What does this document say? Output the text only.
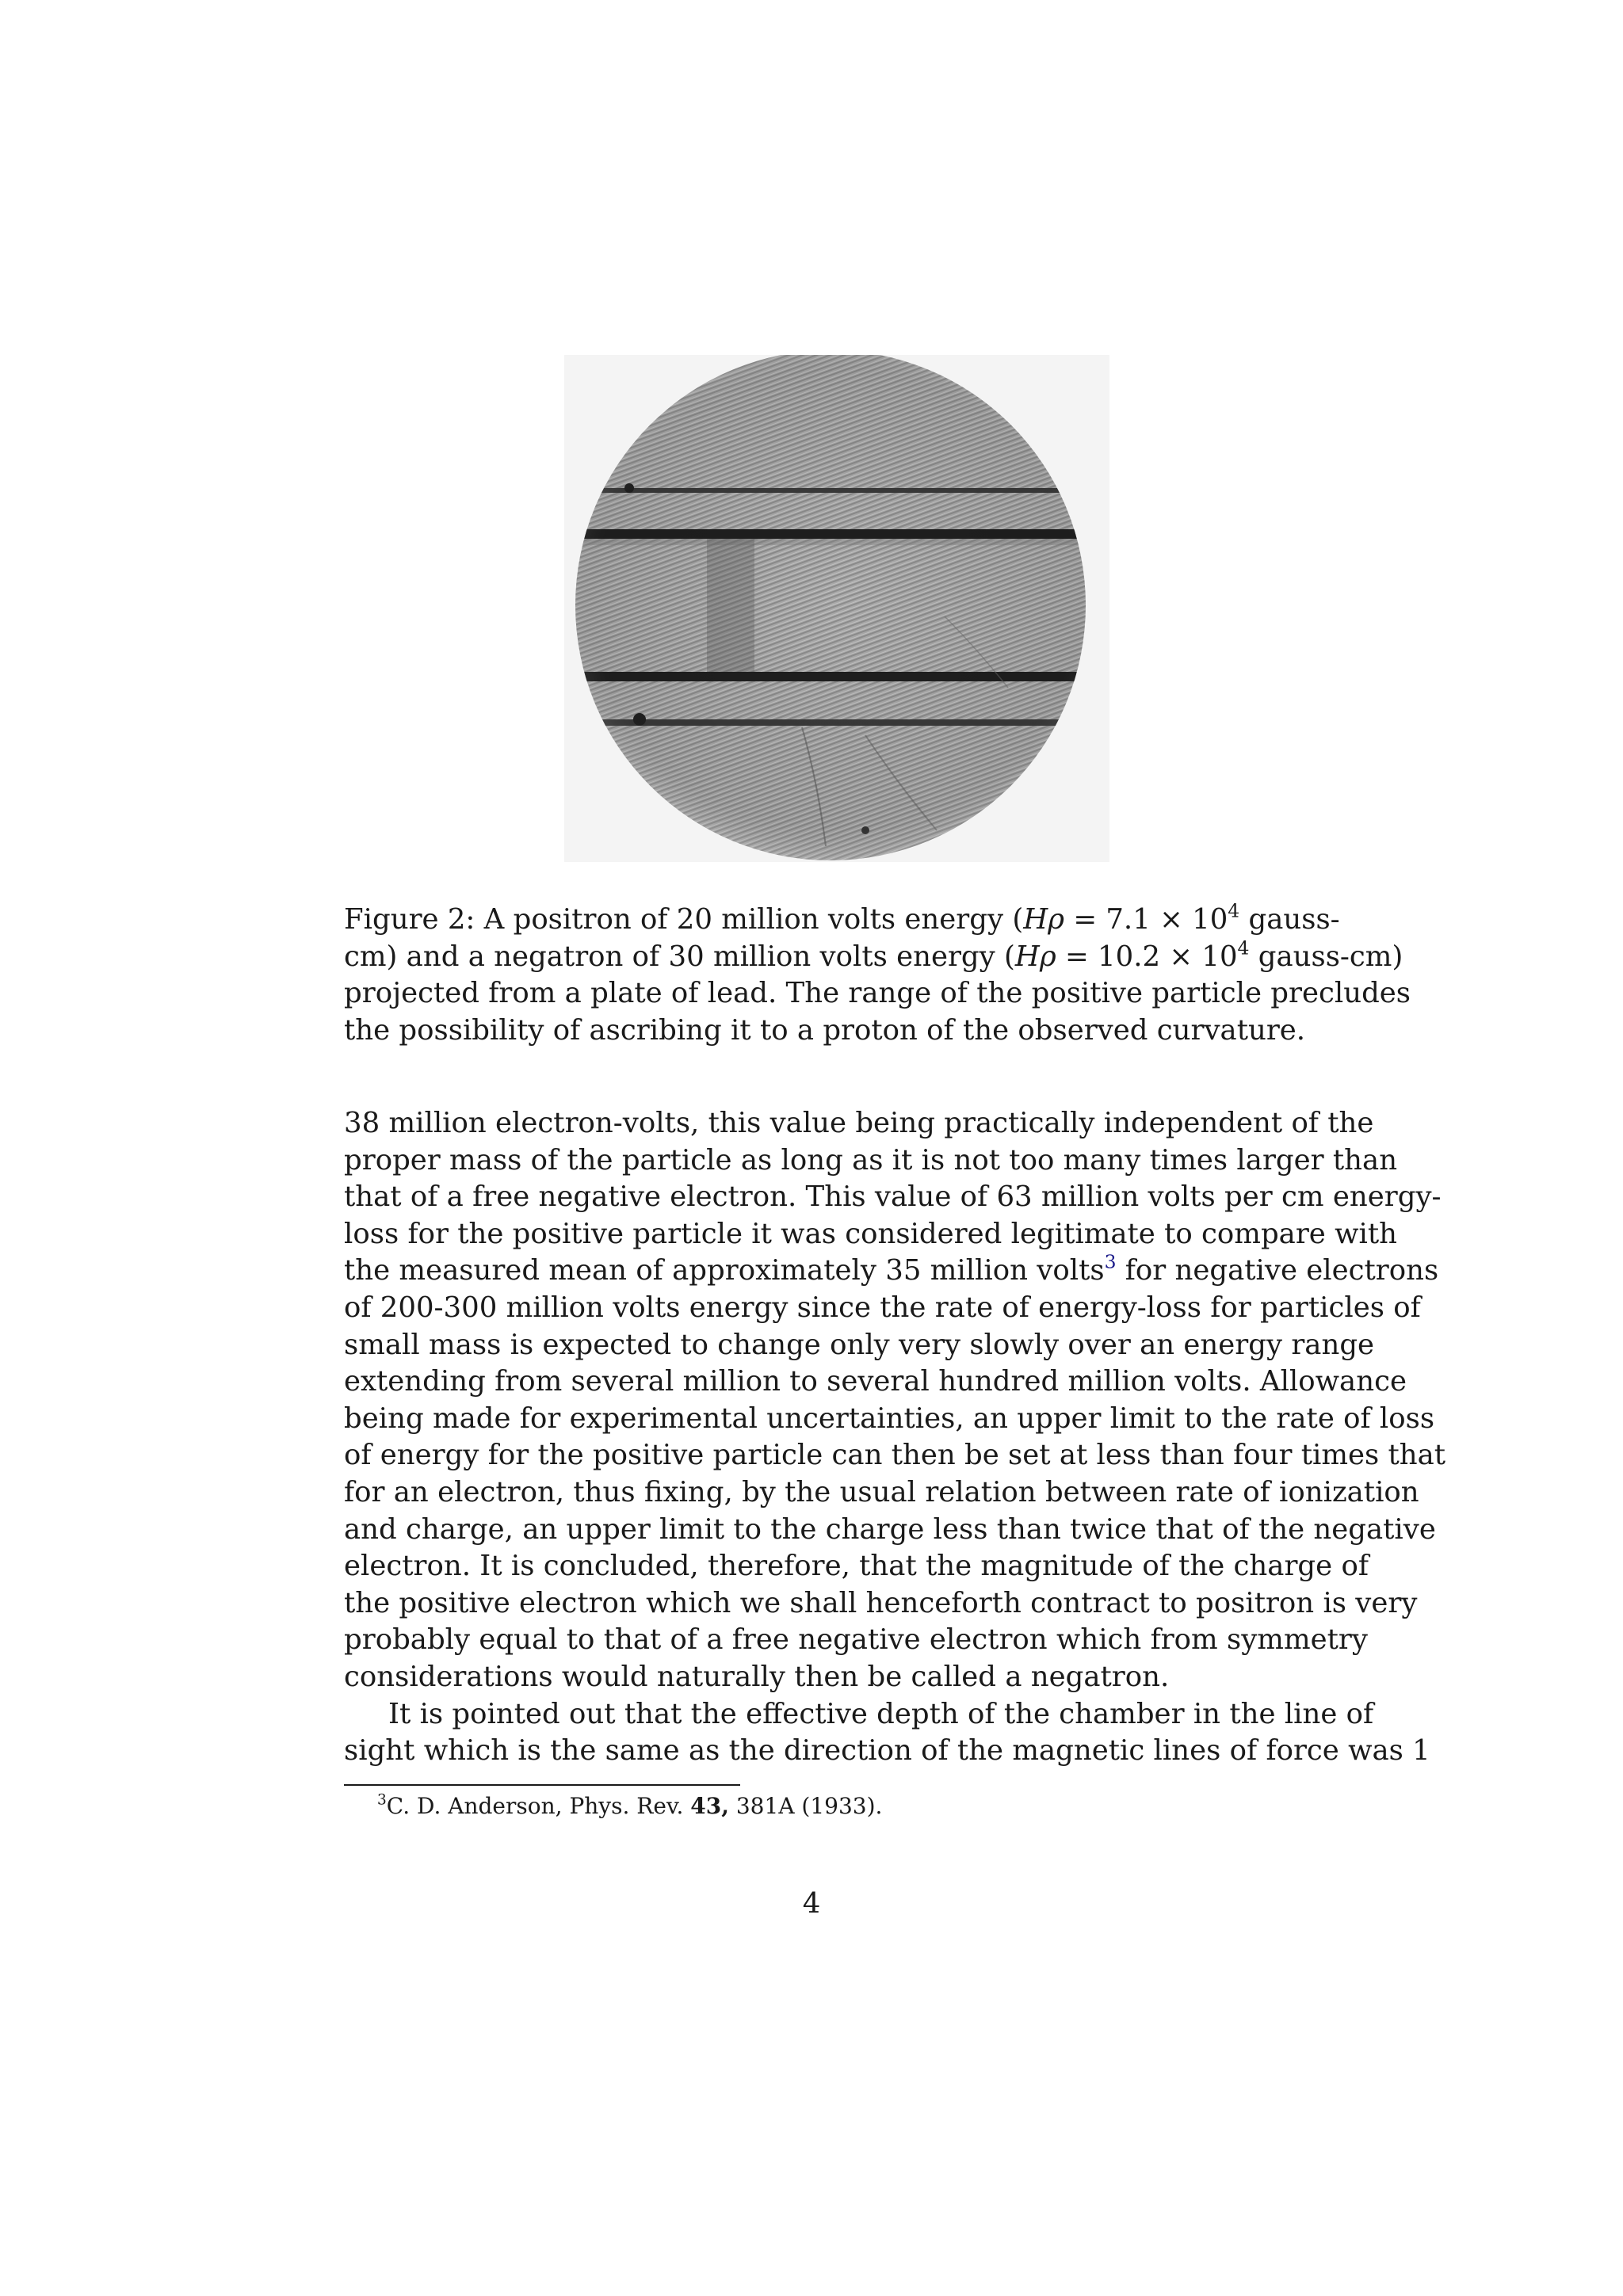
Figure 2: A positron of 20 million volts energy ($H\rho = 7.1 \times 10^4$ gauss-
cm) and a negatron of 30 million volts energy ($H\rho = 10.2 \times 10^4$ gauss-cm)
projected from a plate of lead. The range of the positive particle precludes
the possibility of ascribing it to a proton of the observed curvature.
38 million electron-volts, this value being practically independent of the
proper mass of the particle as long as it is not too many times larger than
that of a free negative electron. This value of 63 million volts per cm energy-
loss for the positive particle it was considered legitimate to compare with
the measured mean of approximately 35 million volts$^3$ for negative electrons
of 200-300 million volts energy since the rate of energy-loss for particles of
small mass is expected to change only very slowly over an energy range
extending from several million to several hundred million volts. Allowance
being made for experimental uncertainties, an upper limit to the rate of loss
of energy for the positive particle can then be set at less than four times that
for an electron, thus fixing, by the usual relation between rate of ionization
and charge, an upper limit to the charge less than twice that of the negative
electron. It is concluded, therefore, that the magnitude of the charge of
the positive electron which we shall henceforth contract to positron is very
probably equal to that of a free negative electron which from symmetry
considerations would naturally then be called a negatron.
It is pointed out that the effective depth of the chamber in the line of
sight which is the same as the direction of the magnetic lines of force was 1
$^3$C. D. Anderson, Phys. Rev. 43, 381A (1933).
4
